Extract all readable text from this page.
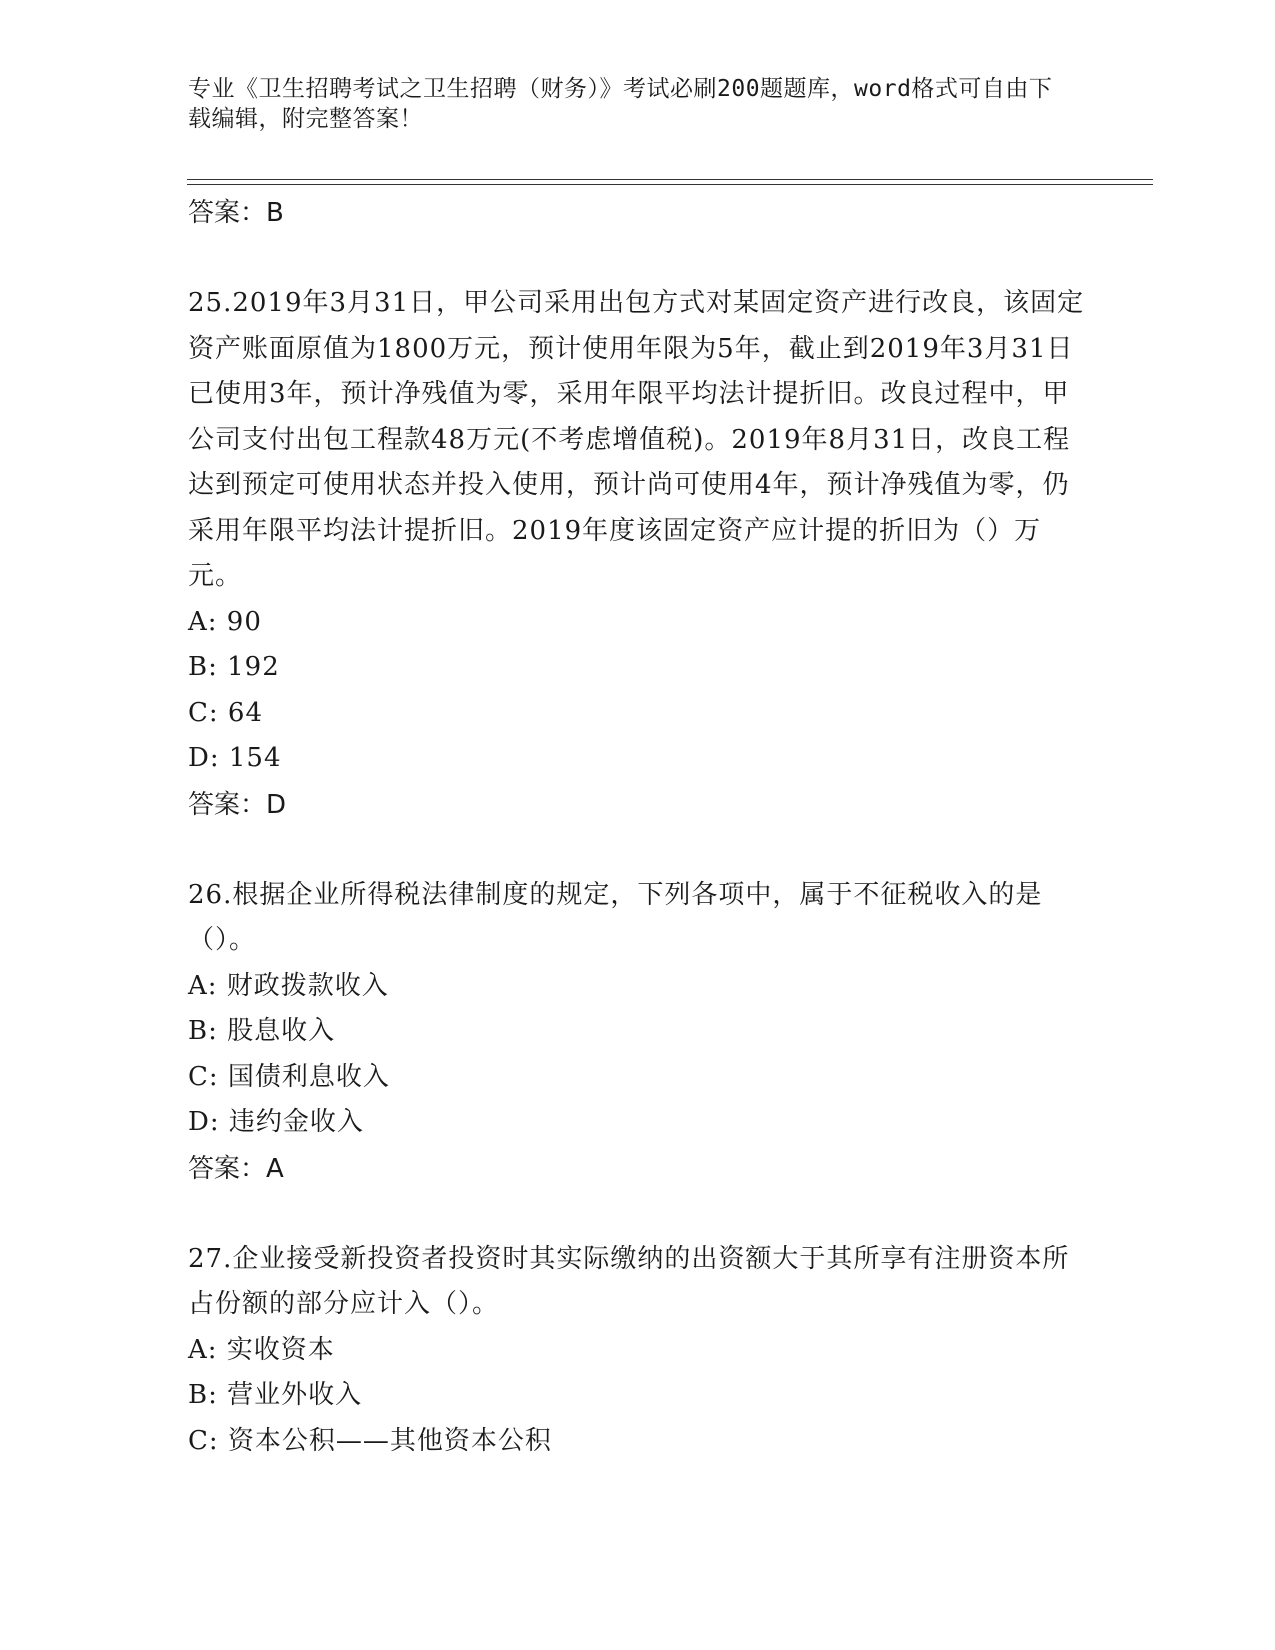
专业《卫生招聘考试之卫生招聘（财务）》考试必刷200题题库，word格式可自由下载编辑，附完整答案！

答案：B

25.2019年3月31日，甲公司采用出包方式对某固定资产进行改良，该固定资产账面原值为1800万元，预计使用年限为5年，截止到2019年3月31日已使用3年，预计净残值为零，采用年限平均法计提折旧。改良过程中，甲公司支付出包工程款48万元(不考虑增值税)。2019年8月31日，改良工程达到预定可使用状态并投入使用，预计尚可使用4年，预计净残值为零，仍采用年限平均法计提折旧。2019年度该固定资产应计提的折旧为（）万元。

A: 90

B: 192

C: 64

D: 154

答案：D

26.根据企业所得税法律制度的规定，下列各项中，属于不征税收入的是（）。

A: 财政拨款收入

B: 股息收入

C: 国债利息收入

D: 违约金收入

答案：A

27.企业接受新投资者投资时其实际缴纳的出资额大于其所享有注册资本所占份额的部分应计入（）。

A: 实收资本

B: 营业外收入

C: 资本公积——其他资本公积
